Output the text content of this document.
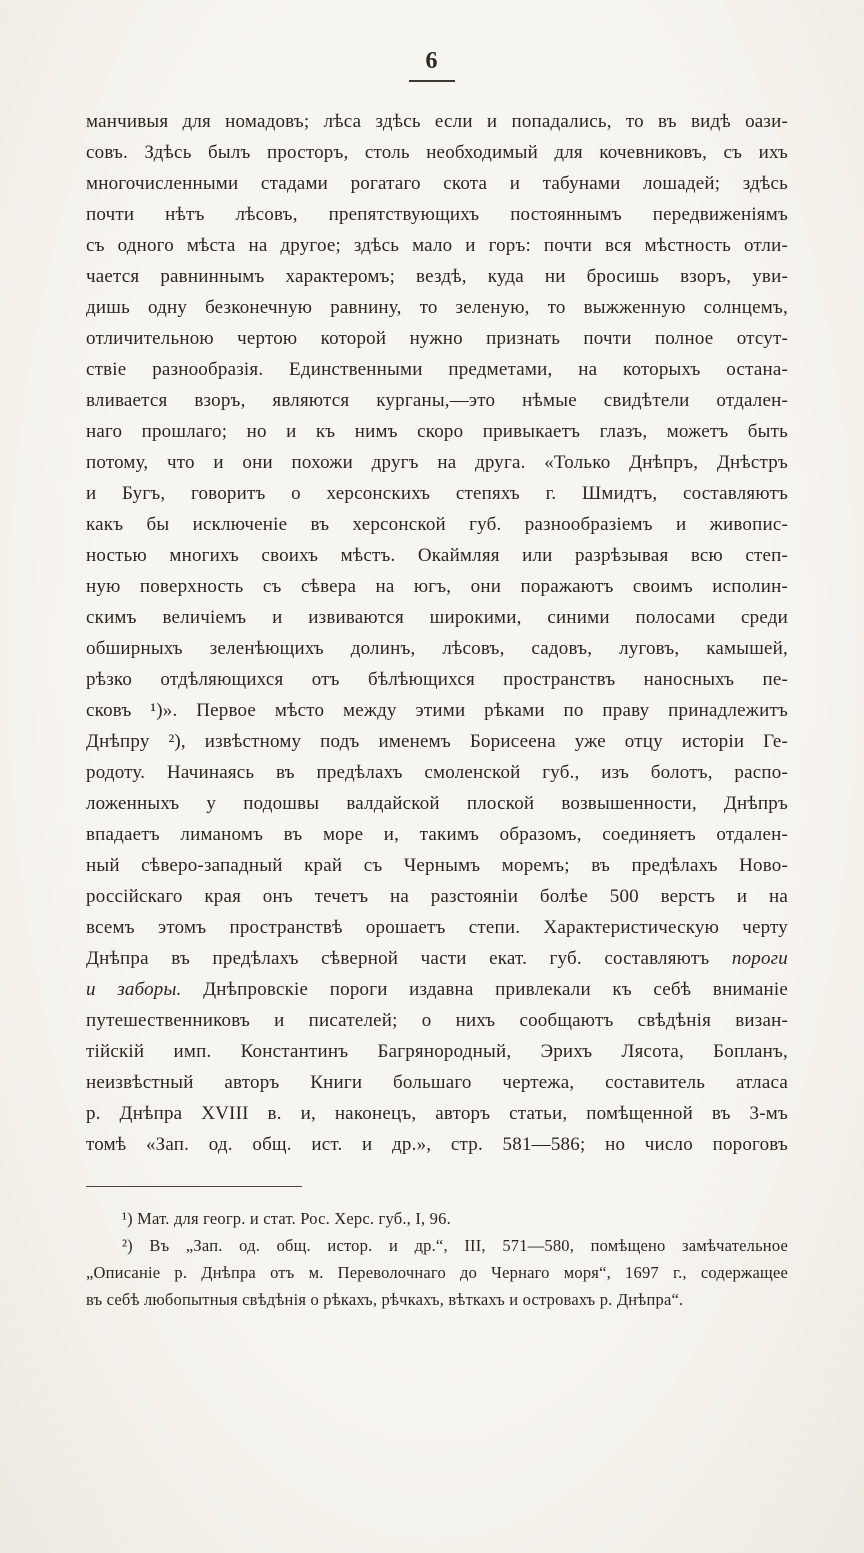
6
манчивыя для номадовъ; лѣса здѣсь если и попадались, то въ видѣ оази-
совъ. Здѣсь былъ просторъ, столь необходимый для кочевниковъ, съ ихъ
многочисленными стадами рогатаго скота и табунами лошадей; здѣсь
почти нѣтъ лѣсовъ, препятствующихъ постояннымъ передвиженіямъ
съ одного мѣста на другое; здѣсь мало и горъ: почти вся мѣстность отли-
чается равниннымъ характеромъ; вездѣ, куда ни бросишь взоръ, уви-
дишь одну безконечную равнину, то зеленую, то выжженную солнцемъ,
отличительною чертою которой нужно признать почти полное отсут-
ствіе разнообразія. Единственными предметами, на которыхъ остана-
вливается взоръ, являются курганы,—это нѣмые свидѣтели отдален-
наго прошлаго; но и къ нимъ скоро привыкаетъ глазъ, можетъ быть
потому, что и они похожи другъ на друга. «Только Днѣпръ, Днѣстръ
и Бугъ, говоритъ о херсонскихъ степяхъ г. Шмидтъ, составляютъ
какъ бы исключеніе въ херсонской губ. разнообразіемъ и живопис-
ностью многихъ своихъ мѣстъ. Окаймляя или разрѣзывая всю степ-
ную поверхность съ сѣвера на югъ, они поражаютъ своимъ исполин-
скимъ величіемъ и извиваются широкими, синими полосами среди
обширныхъ зеленѣющихъ долинъ, лѣсовъ, садовъ, луговъ, камышей,
рѣзко отдѣляющихся отъ бѣлѣющихся пространствъ наносныхъ пе-
сковъ ¹)». Первое мѣсто между этими рѣками по праву принадлежитъ
Днѣпру ²), извѣстному подъ именемъ Борисеена уже отцу исторіи Ге-
родоту. Начинаясь въ предѣлахъ смоленской губ., изъ болотъ, распо-
ложенныхъ у подошвы валдайской плоской возвышенности, Днѣпръ
впадаетъ лиманомъ въ море и, такимъ образомъ, соединяетъ отдален-
ный сѣверо-западный край съ Чернымъ моремъ; въ предѣлахъ Ново-
россійскаго края онъ течетъ на разстояніи болѣе 500 верстъ и на
всемъ этомъ пространствѣ орошаетъ степи. Характеристическую черту
Днѣпра въ предѣлахъ сѣверной части екат. губ. составляютъ пороги
и заборы. Днѣпровскіе пороги издавна привлекали къ себѣ вниманіе
путешественниковъ и писателей; о нихъ сообщаютъ свѣдѣнія визан-
тійскій имп. Константинъ Багрянородный, Эрихъ Лясота, Бопланъ,
неизвѣстный авторъ Книги большаго чертежа, составитель атласа
р. Днѣпра XVIII в. и, наконецъ, авторъ статьи, помѣщенной въ 3-мъ
томѣ «Зап. од. общ. ист. и др.», стр. 581—586; но число пороговъ
¹) Мат. для геогр. и стат. Рос. Херс. губ., I, 96.
²) Въ „Зап. од. общ. истор. и др.“, III, 571—580, помѣщено замѣчательное
„Описаніе р. Днѣпра отъ м. Переволочнаго до Чернаго моря“, 1697 г., содержащее
въ себѣ любопытныя свѣдѣнія о рѣкахъ, рѣчкахъ, вѣткахъ и островахъ р. Днѣпра“.
